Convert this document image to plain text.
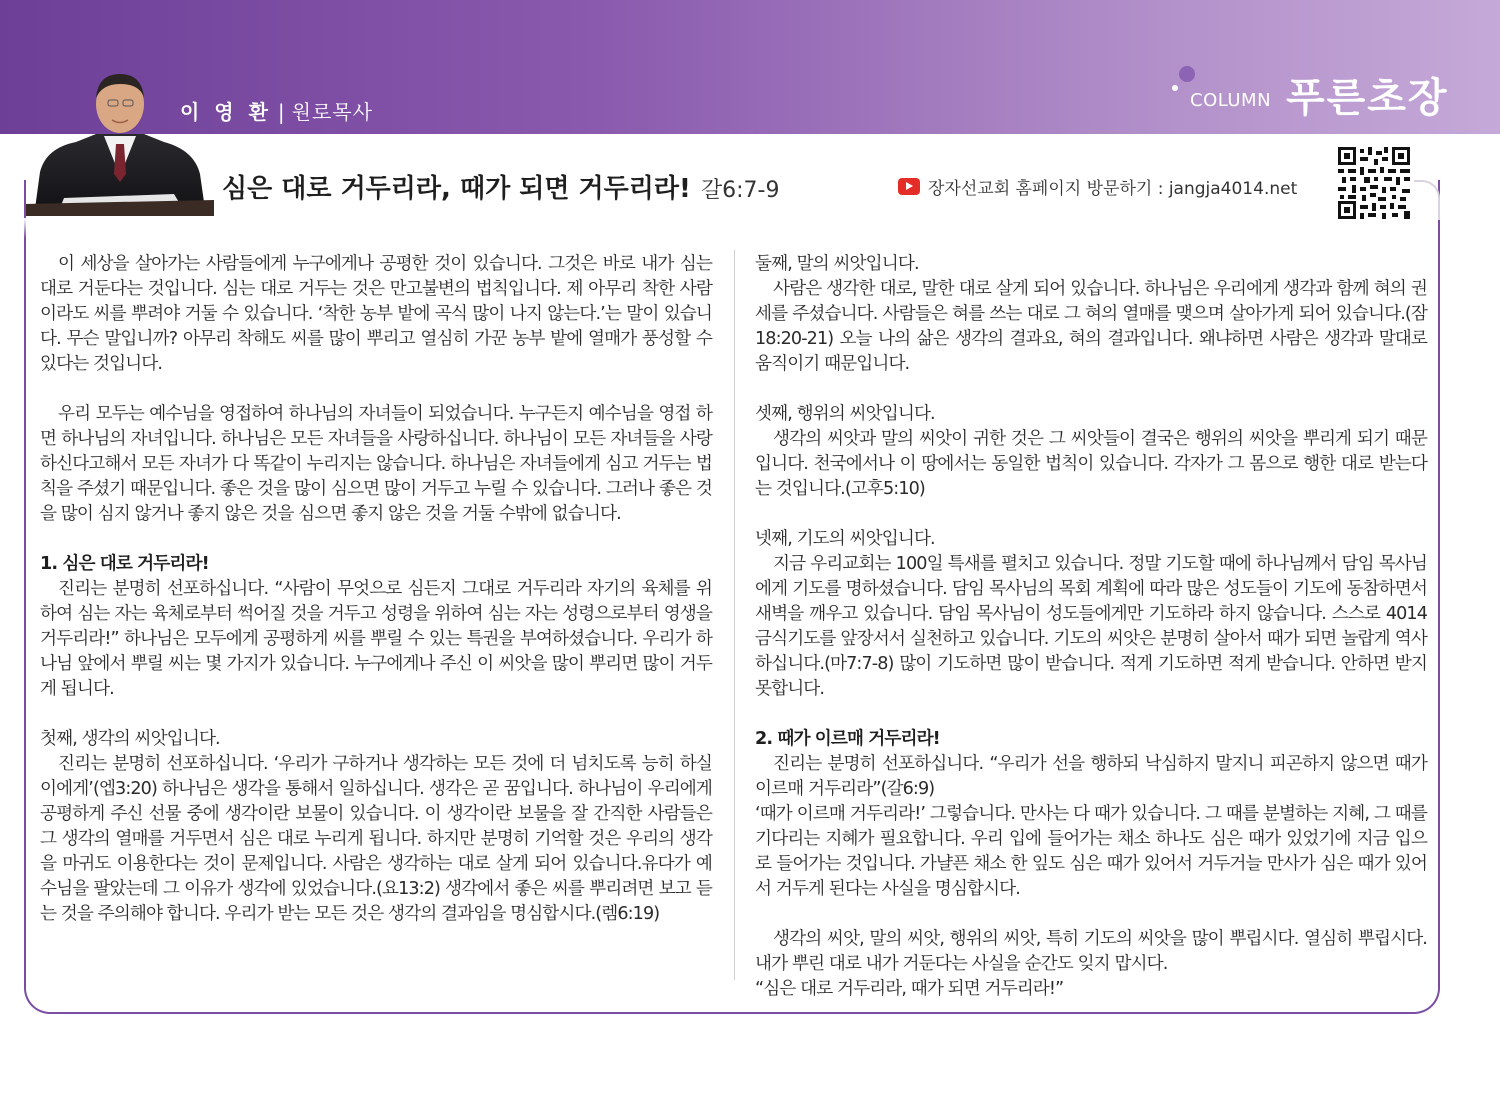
이 영 환 | 원로목사	COLUMN 푸른초장
심은 대로 거두리라, 때가 되면 거두리라! 갈6:7-9	장자선교회 홈페이지 방문하기 : jangja4014.net

이 세상을 살아가는 사람들에게 누구에게나 공평한 것이 있습니다. 그것은 바로 내가 심는 대로 거둔다는 것입니다. 심는 대로 거두는 것은 만고불변의 법칙입니다. 제 아무리 착한 사람이라도 씨를 뿌려야 거둘 수 있습니다. ‘착한 농부 밭에 곡식 많이 나지 않는다.’는 말이 있습니다. 무슨 말입니까? 아무리 착해도 씨를 많이 뿌리고 열심히 가꾼 농부 밭에 열매가 풍성할 수 있다는 것입니다.

우리 모두는 예수님을 영접하여 하나님의 자녀들이 되었습니다. 누구든지 예수님을 영접 하면 하나님의 자녀입니다. 하나님은 모든 자녀들을 사랑하십니다. 하나님이 모든 자녀들을 사랑하신다고해서 모든 자녀가 다 똑같이 누리지는 않습니다. 하나님은 자녀들에게 심고 거두는 법칙을 주셨기 때문입니다. 좋은 것을 많이 심으면 많이 거두고 누릴 수 있습니다. 그러나 좋은 것을 많이 심지 않거나 좋지 않은 것을 심으면 좋지 않은 것을 거둘 수밖에 없습니다.

1. 심은 대로 거두리라!
진리는 분명히 선포하십니다. “사람이 무엇으로 심든지 그대로 거두리라 자기의 육체를 위하여 심는 자는 육체로부터 썩어질 것을 거두고 성령을 위하여 심는 자는 성령으로부터 영생을 거두리라!” 하나님은 모두에게 공평하게 씨를 뿌릴 수 있는 특권을 부여하셨습니다. 우리가 하나님 앞에서 뿌릴 씨는 몇 가지가 있습니다. 누구에게나 주신 이 씨앗을 많이 뿌리면 많이 거두게 됩니다.

첫째, 생각의 씨앗입니다.
진리는 분명히 선포하십니다. ‘우리가 구하거나 생각하는 모든 것에 더 넘치도록 능히 하실 이에게’(엡3:20) 하나님은 생각을 통해서 일하십니다. 생각은 곧 꿈입니다. 하나님이 우리에게 공평하게 주신 선물 중에 생각이란 보물이 있습니다. 이 생각이란 보물을 잘 간직한 사람들은 그 생각의 열매를 거두면서 심은 대로 누리게 됩니다. 하지만 분명히 기억할 것은 우리의 생각을 마귀도 이용한다는 것이 문제입니다. 사람은 생각하는 대로 살게 되어 있습니다.유다가 예수님을 팔았는데 그 이유가 생각에 있었습니다.(요13:2) 생각에서 좋은 씨를 뿌리려면 보고 듣는 것을 주의해야 합니다. 우리가 받는 모든 것은 생각의 결과임을 명심합시다.(렘6:19)

둘째, 말의 씨앗입니다.
사람은 생각한 대로, 말한 대로 살게 되어 있습니다. 하나님은 우리에게 생각과 함께 혀의 권세를 주셨습니다. 사람들은 혀를 쓰는 대로 그 혀의 열매를 맺으며 살아가게 되어 있습니다.(잠18:20-21) 오늘 나의 삶은 생각의 결과요, 혀의 결과입니다. 왜냐하면 사람은 생각과 말대로 움직이기 때문입니다.

셋째, 행위의 씨앗입니다.
생각의 씨앗과 말의 씨앗이 귀한 것은 그 씨앗들이 결국은 행위의 씨앗을 뿌리게 되기 때문입니다. 천국에서나 이 땅에서는 동일한 법칙이 있습니다. 각자가 그 몸으로 행한 대로 받는다는 것입니다.(고후5:10)

넷째, 기도의 씨앗입니다.
지금 우리교회는 100일 특새를 펼치고 있습니다. 정말 기도할 때에 하나님께서 담임 목사님에게 기도를 명하셨습니다. 담임 목사님의 목회 계획에 따라 많은 성도들이 기도에 동참하면서 새벽을 깨우고 있습니다. 담임 목사님이 성도들에게만 기도하라 하지 않습니다. 스스로 4014 금식기도를 앞장서서 실천하고 있습니다. 기도의 씨앗은 분명히 살아서 때가 되면 놀랍게 역사하십니다.(마7:7-8) 많이 기도하면 많이 받습니다. 적게 기도하면 적게 받습니다. 안하면 받지 못합니다.

2. 때가 이르매 거두리라!
진리는 분명히 선포하십니다. “우리가 선을 행하되 낙심하지 말지니 피곤하지 않으면 때가 이르매 거두리라”(갈6:9)
‘때가 이르매 거두리라!’ 그렇습니다. 만사는 다 때가 있습니다. 그 때를 분별하는 지혜, 그 때를 기다리는 지혜가 필요합니다. 우리 입에 들어가는 채소 하나도 심은 때가 있었기에 지금 입으로 들어가는 것입니다. 가냘픈 채소 한 잎도 심은 때가 있어서 거두거늘 만사가 심은 때가 있어서 거두게 된다는 사실을 명심합시다.

생각의 씨앗, 말의 씨앗, 행위의 씨앗, 특히 기도의 씨앗을 많이 뿌립시다. 열심히 뿌립시다. 내가 뿌린 대로 내가 거둔다는 사실을 순간도 잊지 맙시다.

“심은 대로 거두리라, 때가 되면 거두리라!”
